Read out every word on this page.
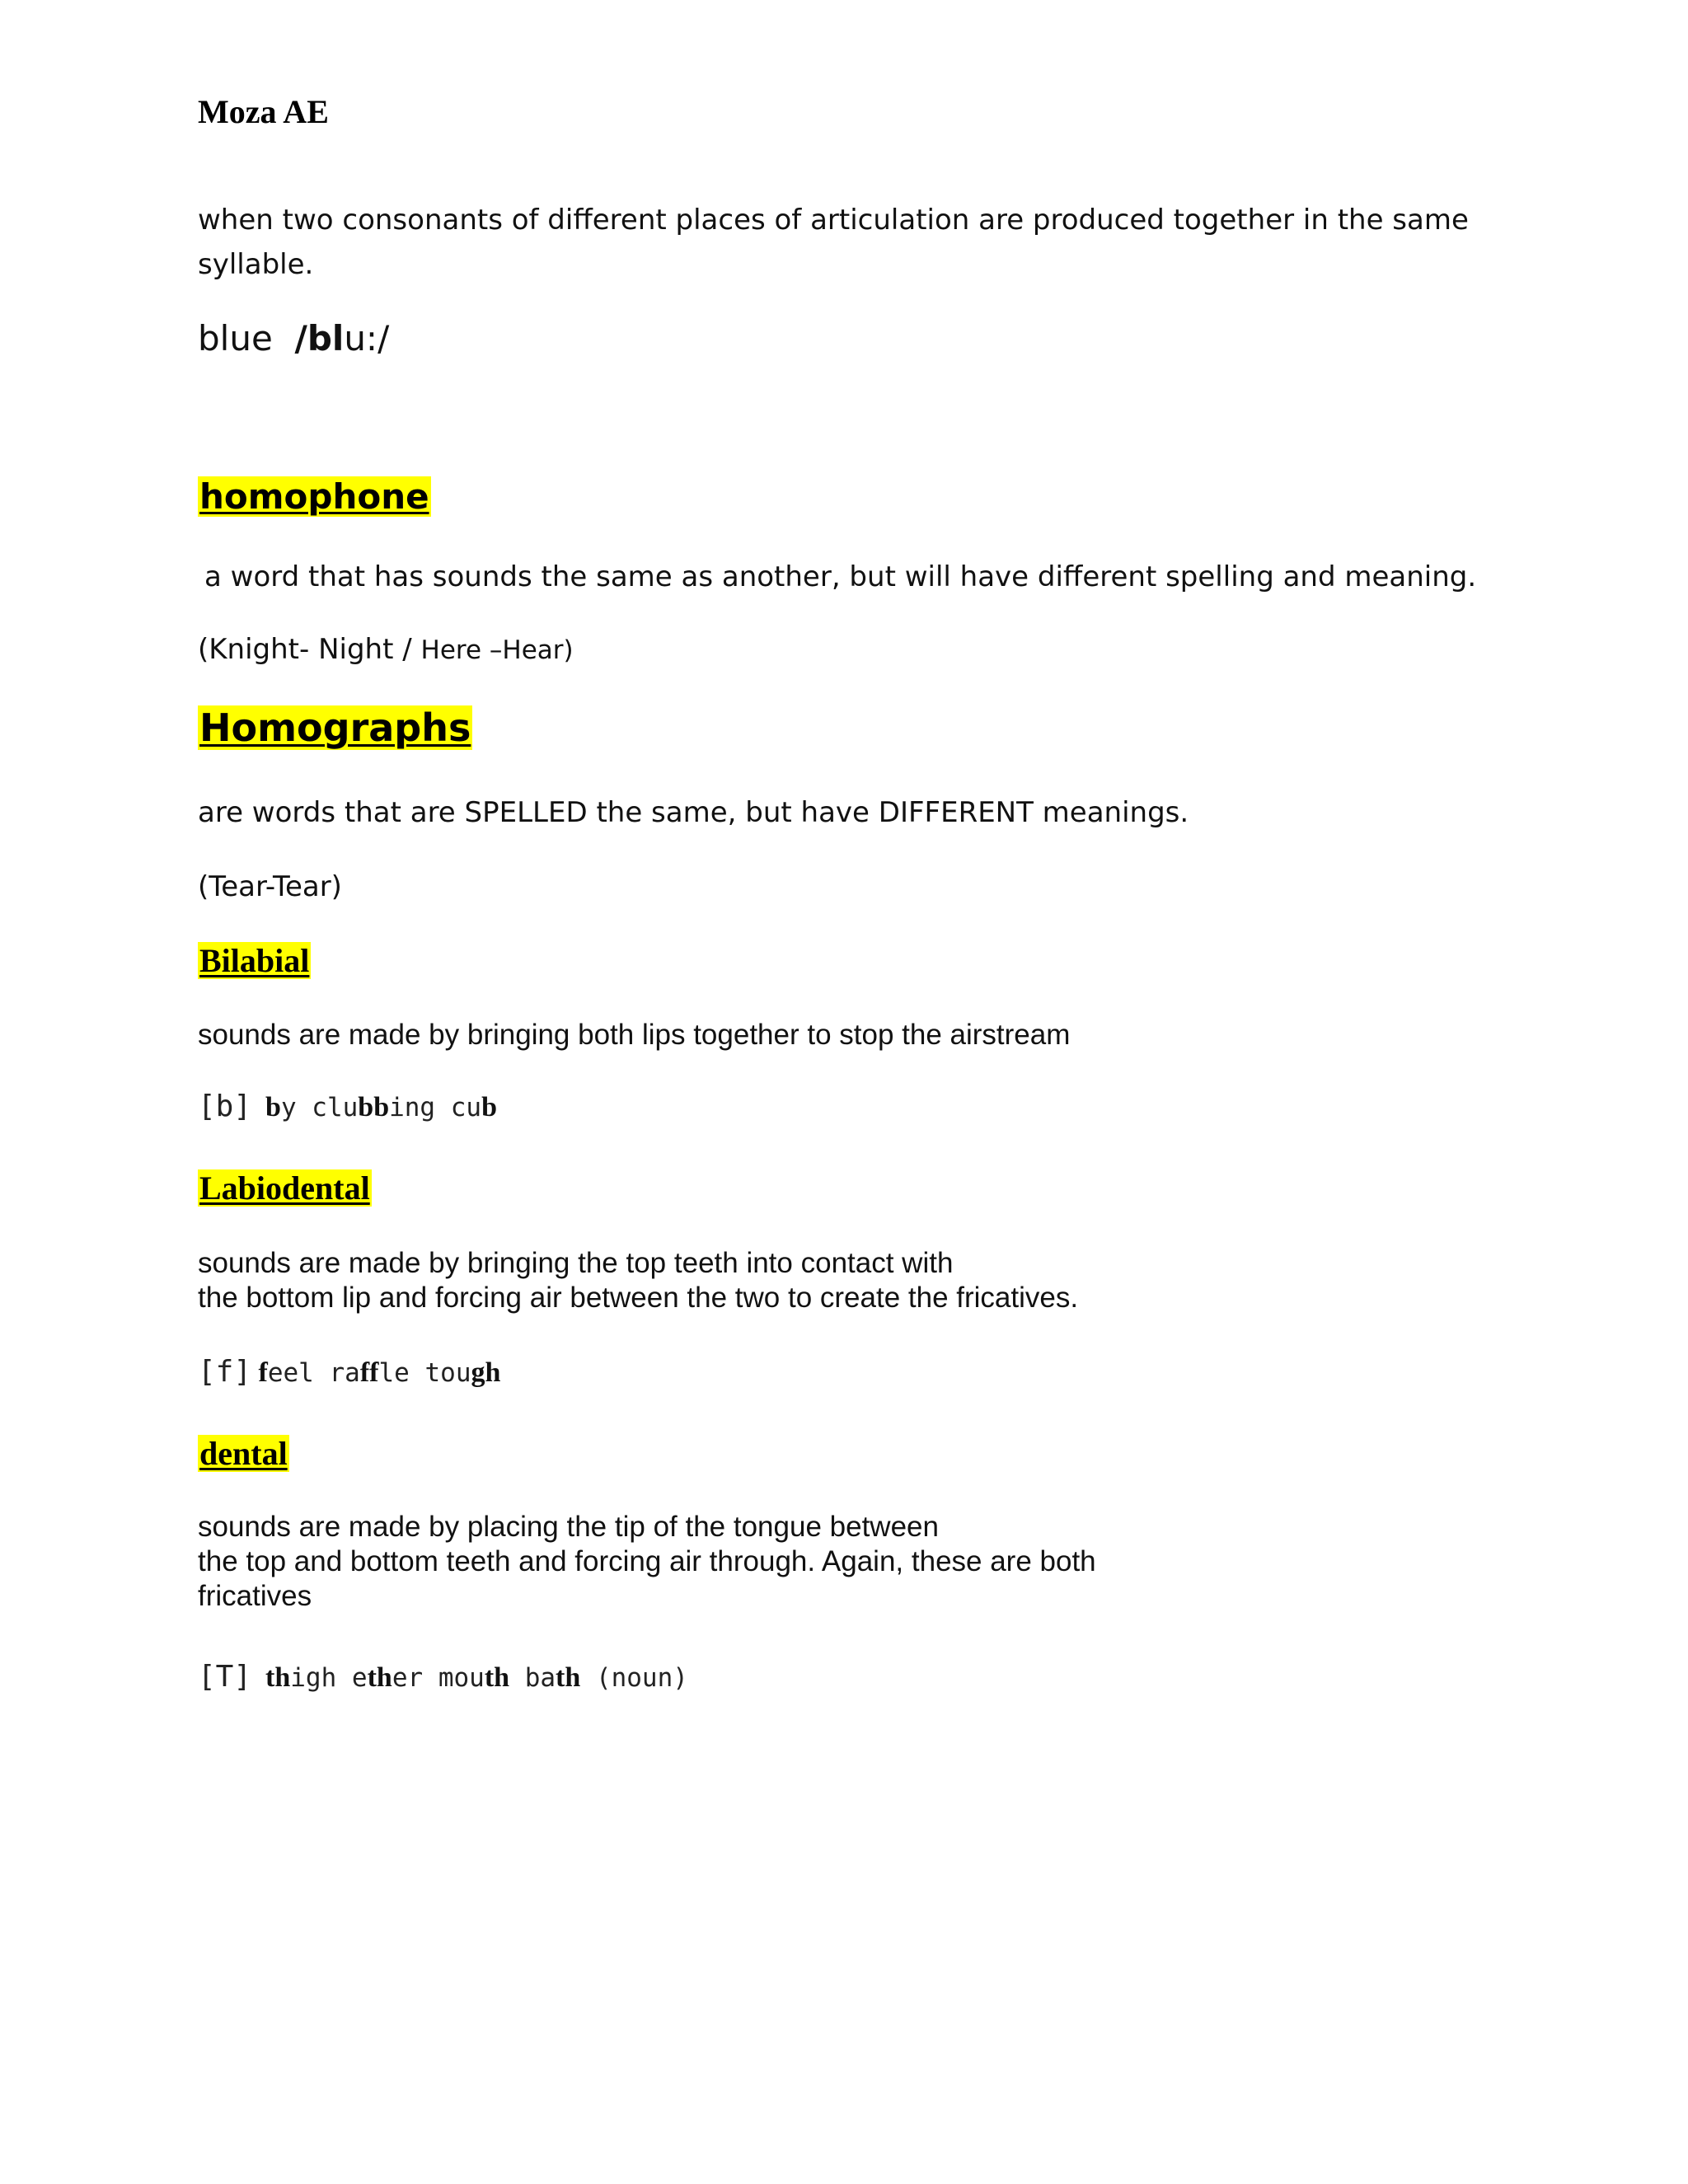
Moza AE
when two consonants of different places of articulation are produced together in the same
syllable.
blue /blu:/
homophone
a word that has sounds the same as another, but will have different spelling and meaning.
(Knight- Night / Here –Hear)
Homographs
are words that are SPELLED the same, but have DIFFERENT meanings.
(Tear-Tear)
Bilabial
sounds are made by bringing both lips together to stop the airstream
[b] by clubbing cub
Labiodental
sounds are made by bringing the top teeth into contact with
the bottom lip and forcing air between the two to create the fricatives.
[f] feel raffle tough
dental
sounds are made by placing the tip of the tongue between
the top and bottom teeth and forcing air through. Again, these are both
fricatives
[T] thigh ether mouth bath (noun)
